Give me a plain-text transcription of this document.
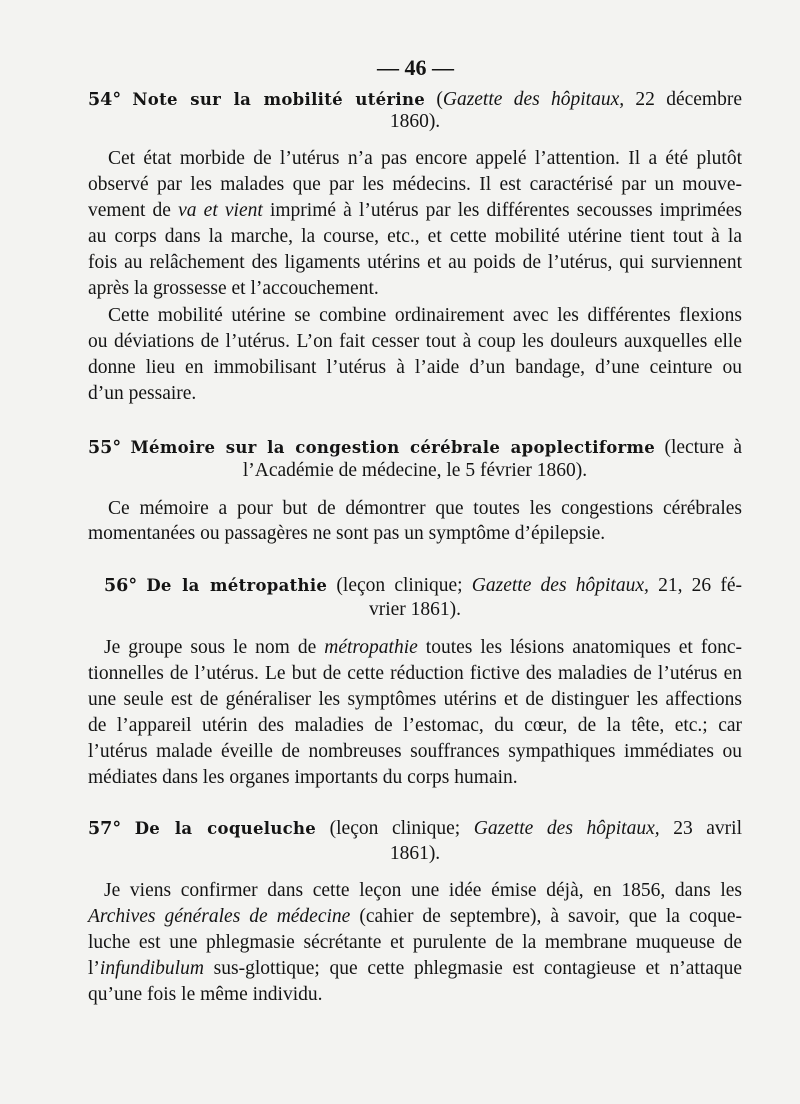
— 46 —
54° Note sur la mobilité utérine (Gazette des hôpitaux, 22 décembre
1860).
Cet état morbide de l’utérus n’a pas encore appelé l’attention. Il a été plutôt
observé par les malades que par les médecins. Il est caractérisé par un mouve-
vement de va et vient imprimé à l’utérus par les différentes secousses imprimées
au corps dans la marche, la course, etc., et cette mobilité utérine tient tout à la
fois au relâchement des ligaments utérins et au poids de l’utérus, qui surviennent
après la grossesse et l’accouchement.
Cette mobilité utérine se combine ordinairement avec les différentes flexions
ou déviations de l’utérus. L’on fait cesser tout à coup les douleurs auxquelles elle
donne lieu en immobilisant l’utérus à l’aide d’un bandage, d’une ceinture ou
d’un pessaire.
55° Mémoire sur la congestion cérébrale apoplectiforme (lecture à
l’Académie de médecine, le 5 février 1860).
Ce mémoire a pour but de démontrer que toutes les congestions cérébrales
momentanées ou passagères ne sont pas un symptôme d’épilepsie.
56° De la métropathie (leçon clinique; Gazette des hôpitaux, 21, 26 fé-
vrier 1861).
Je groupe sous le nom de métropathie toutes les lésions anatomiques et fonc-
tionnelles de l’utérus. Le but de cette réduction fictive des maladies de l’utérus en
une seule est de généraliser les symptômes utérins et de distinguer les affections
de l’appareil utérin des maladies de l’estomac, du cœur, de la tête, etc.; car
l’utérus malade éveille de nombreuses souffrances sympathiques immédiates ou
médiates dans les organes importants du corps humain.
57° De la coqueluche (leçon clinique; Gazette des hôpitaux, 23 avril
1861).
Je viens confirmer dans cette leçon une idée émise déjà, en 1856, dans les
Archives générales de médecine (cahier de septembre), à savoir, que la coque-
luche est une phlegmasie sécrétante et purulente de la membrane muqueuse de
l’infundibulum sus-glottique; que cette phlegmasie est contagieuse et n’attaque
qu’une fois le même individu.
